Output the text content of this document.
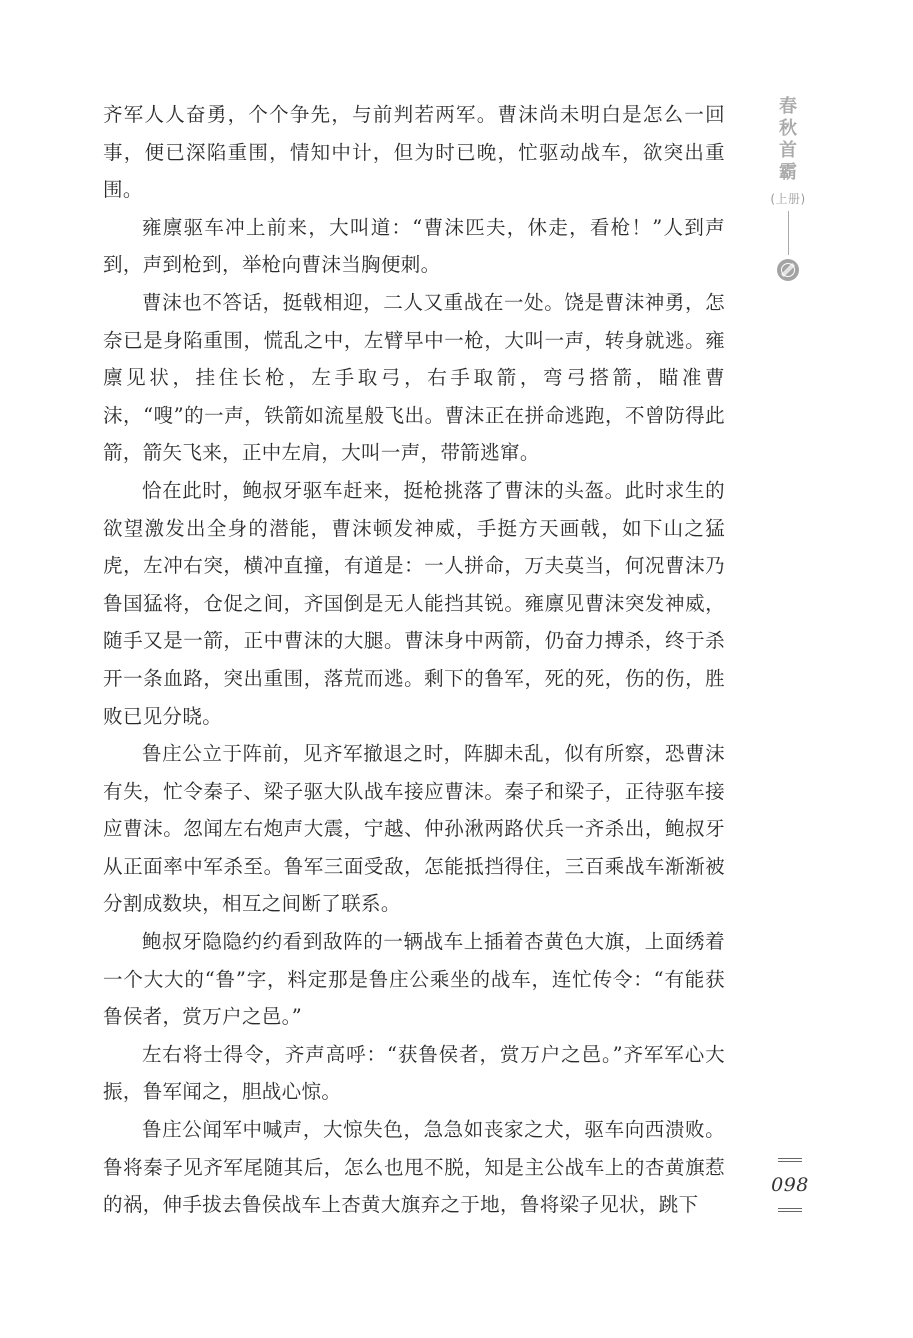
齐军人人奋勇，个个争先，与前判若两军。曹沫尚未明白是怎么一回事，便已深陷重围，情知中计，但为时已晚，忙驱动战车，欲突出重围。

雍廪驱车冲上前来，大叫道：“曹沫匹夫，休走，看枪！”人到声到，声到枪到，举枪向曹沫当胸便刺。

曹沫也不答话，挺戟相迎，二人又重战在一处。饶是曹沫神勇，怎奈已是身陷重围，慌乱之中，左臂早中一枪，大叫一声，转身就逃。雍廪见状，挂住长枪，左手取弓，右手取箭，弯弓搭箭，瞄准曹沫，“嗖”的一声，铁箭如流星般飞出。曹沫正在拼命逃跑，不曾防得此箭，箭矢飞来，正中左肩，大叫一声，带箭逃窜。

恰在此时，鲍叔牙驱车赶来，挺枪挑落了曹沫的头盔。此时求生的欲望激发出全身的潜能，曹沫顿发神威，手挺方天画戟，如下山之猛虎，左冲右突，横冲直撞，有道是：一人拼命，万夫莫当，何况曹沫乃鲁国猛将，仓促之间，齐国倒是无人能挡其锐。雍廪见曹沫突发神威，随手又是一箭，正中曹沫的大腿。曹沫身中两箭，仍奋力搏杀，终于杀开一条血路，突出重围，落荒而逃。剩下的鲁军，死的死，伤的伤，胜败已见分晓。

鲁庄公立于阵前，见齐军撤退之时，阵脚未乱，似有所察，恐曹沫有失，忙令秦子、梁子驱大队战车接应曹沫。秦子和梁子，正待驱车接应曹沫。忽闻左右炮声大震，宁越、仲孙湫两路伏兵一齐杀出，鲍叔牙从正面率中军杀至。鲁军三面受敌，怎能抵挡得住，三百乘战车渐渐被分割成数块，相互之间断了联系。

鲍叔牙隐隐约约看到敌阵的一辆战车上插着杏黄色大旗，上面绣着一个大大的“鲁”字，料定那是鲁庄公乘坐的战车，连忙传令：“有能获鲁侯者，赏万户之邑。”

左右将士得令，齐声高呼：“获鲁侯者，赏万户之邑。”齐军军心大振，鲁军闻之，胆战心惊。

鲁庄公闻军中喊声，大惊失色，急急如丧家之犬，驱车向西溃败。鲁将秦子见齐军尾随其后，怎么也甩不脱，知是主公战车上的杏黄旗惹的祸，伸手拔去鲁侯战车上杏黄大旗弃之于地，鲁将梁子见状，跳下

春
秋
首
霸
(上册)
098
